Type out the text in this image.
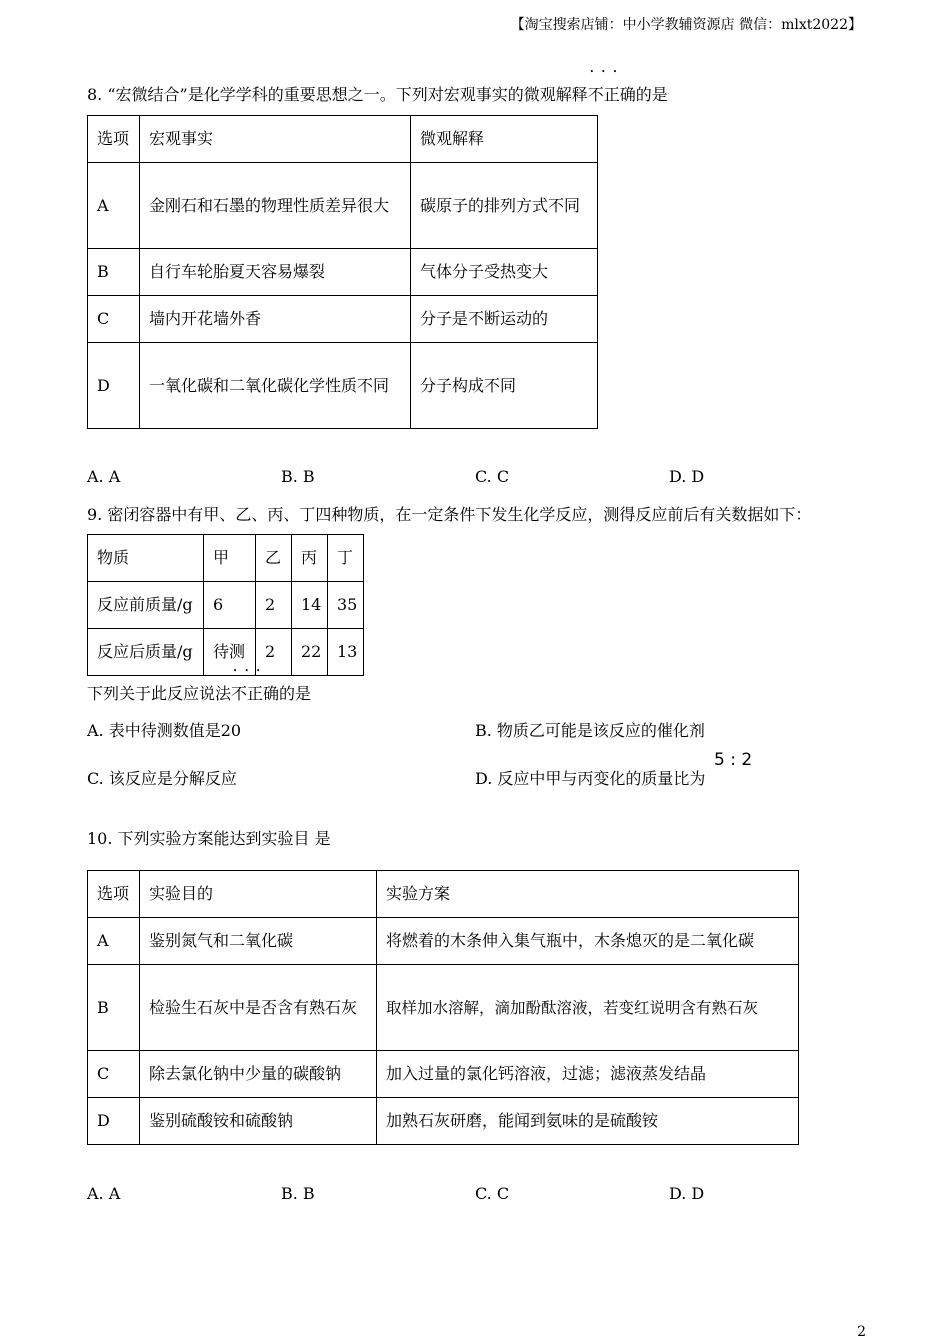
【淘宝搜索店铺：中小学教辅资源店 微信：mlxt2022】
8. “宏微结合”是化学学科的重要思想之一。下列对宏观事实的微观解释• • • 不正确的是
选项	宏观事实	微观解释
A	金刚石和石墨的物理性质差异很大	碳原子的排列方式不同
B	自行车轮胎夏天容易爆裂	气体分子受热变大
C	墙内开花墙外香	分子是不断运动的
D	一氧化碳和二氧化碳化学性质不同	分子构成不同
A. A	B. B	C. C	D. D
9. 密闭容器中有甲、乙、丙、丁四种物质，在一定条件下发生化学反应，测得反应前后有关数据如下：
物质	甲	乙	丙	丁
反应前质量/g	6	2	14	35
反应后质量/g	待测	2	22	13
下列关于此反应说法• • • 不正确的是
A. 表中待测数值是20	B. 物质乙可能是该反应的催化剂
C. 该反应是分解反应	D. 反应中甲与丙变化的质量比为
5 : 2
10. 下列实验方案能达到实验目 是
选项	实验目的	实验方案
A	鉴别氮气和二氧化碳	将燃着的木条伸入集气瓶中，木条熄灭的是二氧化碳
B	检验生石灰中是否含有熟石灰	取样加水溶解，滴加酚酞溶液，若变红说明含有熟石灰
C	除去氯化钠中少量的碳酸钠	加入过量的氯化钙溶液，过滤；滤液蒸发结晶
D	鉴别硫酸铵和硫酸钠	加熟石灰研磨，能闻到氨味的是硫酸铵
A. A	B. B	C. C	D. D
2
